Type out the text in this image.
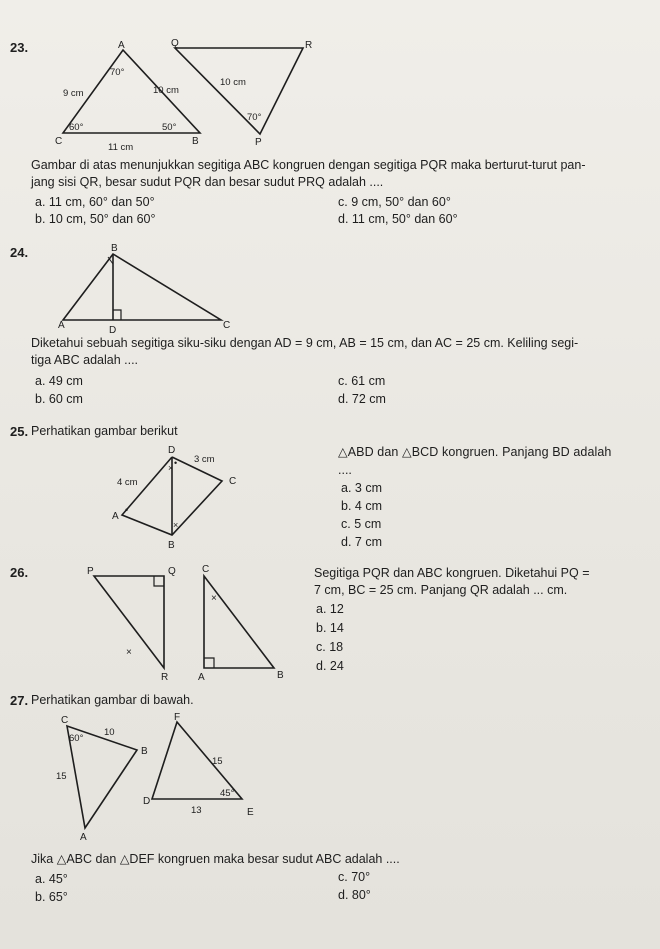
23.	A
C	B
70°
60°	50°
9 cm	10 cm
11 cm
Q	R
P
10 cm
70°
Gambar di atas menunjukkan segitiga ABC kongruen dengan segitiga PQR maka berturut-turut pan-
jang sisi QR, besar sudut PQR dan besar sudut PRQ adalah ....
a. 11 cm, 60° dan 50°
b. 10 cm, 50° dan 60°
c. 9 cm, 50° dan 60°
d. 11 cm, 50° dan 60°
24.	B
A	C
D
Diketahui sebuah segitiga siku-siku dengan AD = 9 cm, AB = 15 cm, dan AC = 25 cm. Keliling segi-
tiga ABC adalah ....
a. 49 cm
b. 60 cm
c. 61 cm
d. 72 cm
25. Perhatikan gambar berikut
×
×
•
•
D
C
A
B
3 cm
4 cm
△ABD dan △BCD kongruen. Panjang BD adalah
....
a. 3 cm
b. 4 cm
c. 5 cm
d. 7 cm
26.
×
P	Q
R
×
C
A	B
Segitiga PQR dan ABC kongruen. Diketahui PQ =
7 cm, BC = 25 cm. Panjang QR adalah ... cm.
a. 12
b. 14
c. 18
d. 24
27. Perhatikan gambar di bawah.
C
B
A
60°
10
15
F
D
E
15
13
45°
Jika △ABC dan △DEF kongruen maka besar sudut ABC adalah ....
a. 45°
b. 65°
c. 70°
d. 80°
